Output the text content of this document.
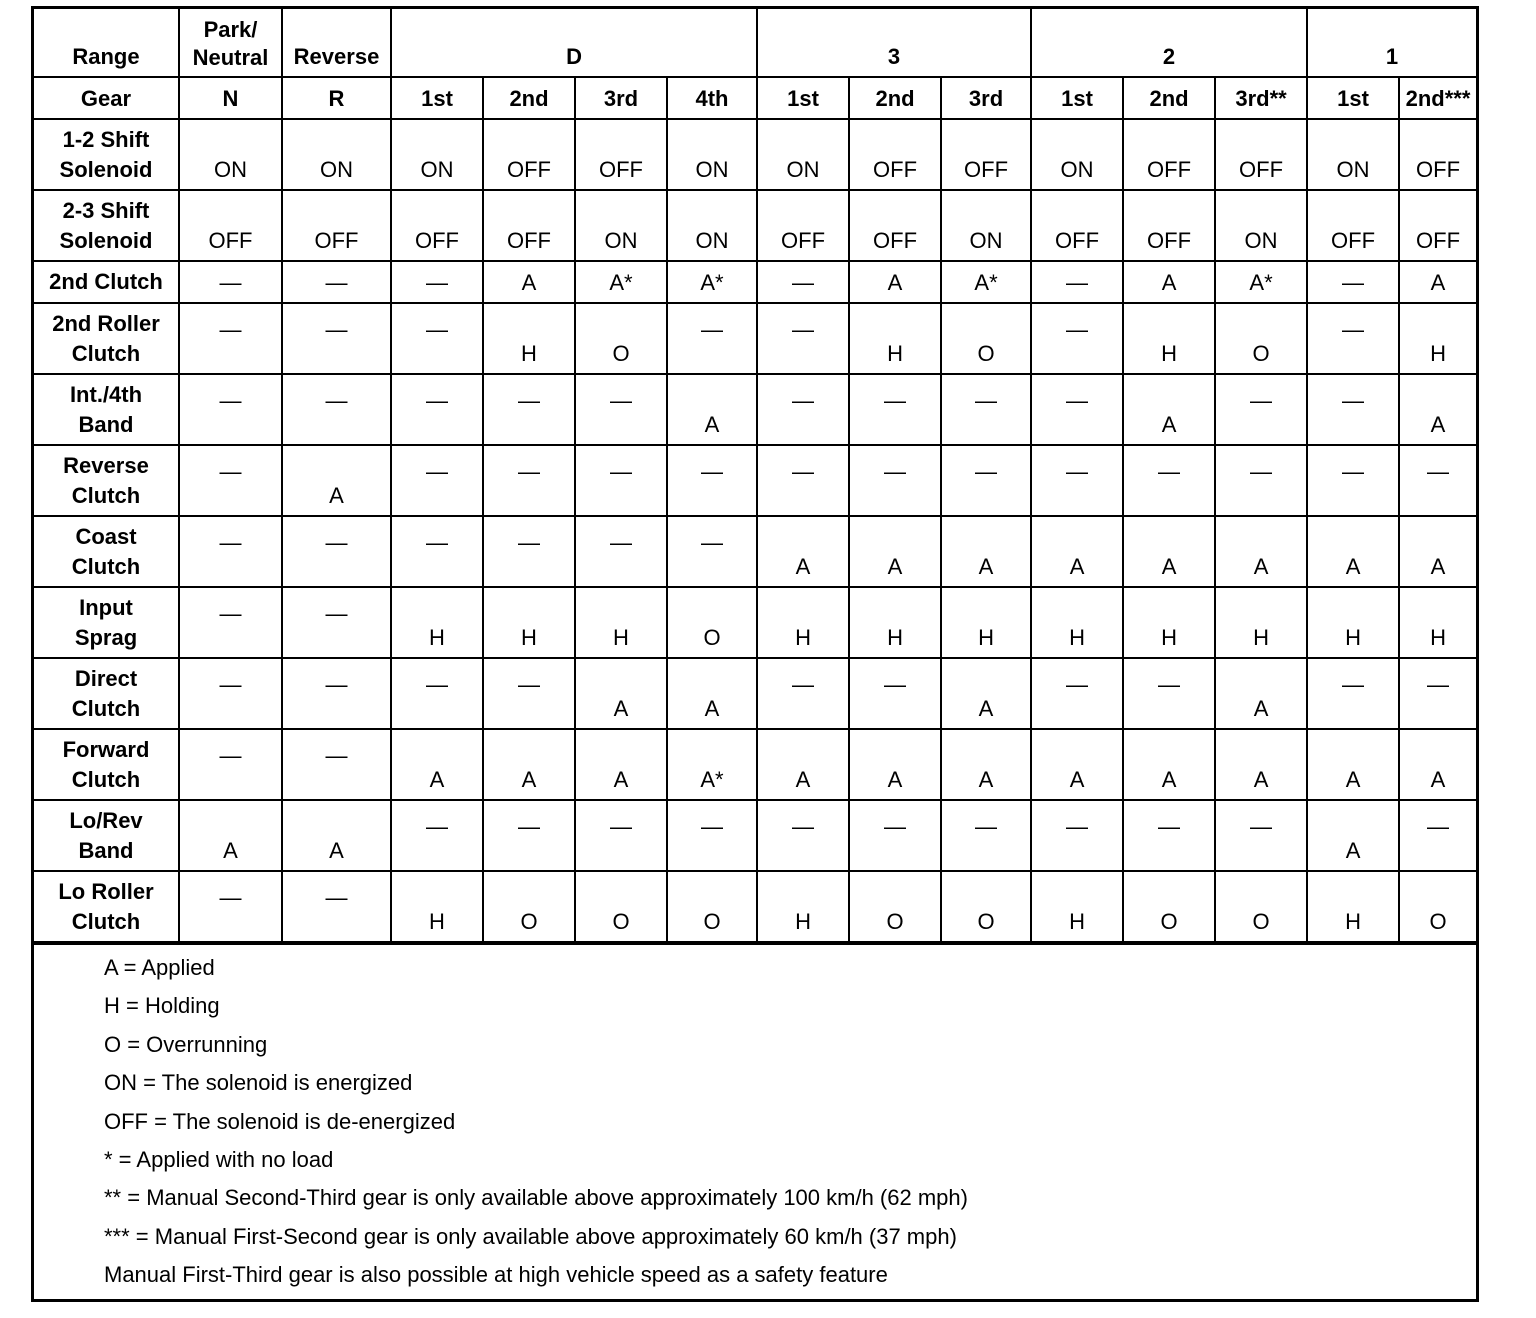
Range	Park/ Neutral	Reverse	D				3			2			1	
Gear	N	R	1st	2nd	3rd	4th	1st	2nd	3rd	1st	2nd	3rd**	1st	2nd***
1-2 Shift Solenoid	ON	ON	ON	OFF	OFF	ON	ON	OFF	OFF	ON	OFF	OFF	ON	OFF
2-3 Shift Solenoid	OFF	OFF	OFF	OFF	ON	ON	OFF	OFF	ON	OFF	OFF	ON	OFF	OFF
2nd Clutch	—	—	—	A	A*	A*	—	A	A*	—	A	A*	—	A
2nd Roller Clutch	—	—	—	H	O	—	—	H	O	—	H	O	—	H
Int./4th Band	—	—	—	—	—	A	—	—	—	—	A	—	—	A
Reverse Clutch	—	A	—	—	—	—	—	—	—	—	—	—	—	—
Coast Clutch	—	—	—	—	—	—	A	A	A	A	A	A	A	A
Input Sprag	—	—	H	H	H	O	H	H	H	H	H	H	H	H
Direct Clutch	—	—	—	—	A	A	—	—	A	—	—	A	—	—
Forward Clutch	—	—	A	A	A	A*	A	A	A	A	A	A	A	A
Lo/Rev Band	A	A	—	—	—	—	—	—	—	—	—	—	A	—
Lo Roller Clutch	—	—	H	O	O	O	H	O	O	H	O	O	H	O
A = Applied
H = Holding
O = Overrunning
ON = The solenoid is energized
OFF = The solenoid is de-energized
* = Applied with no load
** = Manual Second-Third gear is only available above approximately 100 km/h (62 mph)
*** = Manual First-Second gear is only available above approximately 60 km/h (37 mph)
Manual First-Third gear is also possible at high vehicle speed as a safety feature
